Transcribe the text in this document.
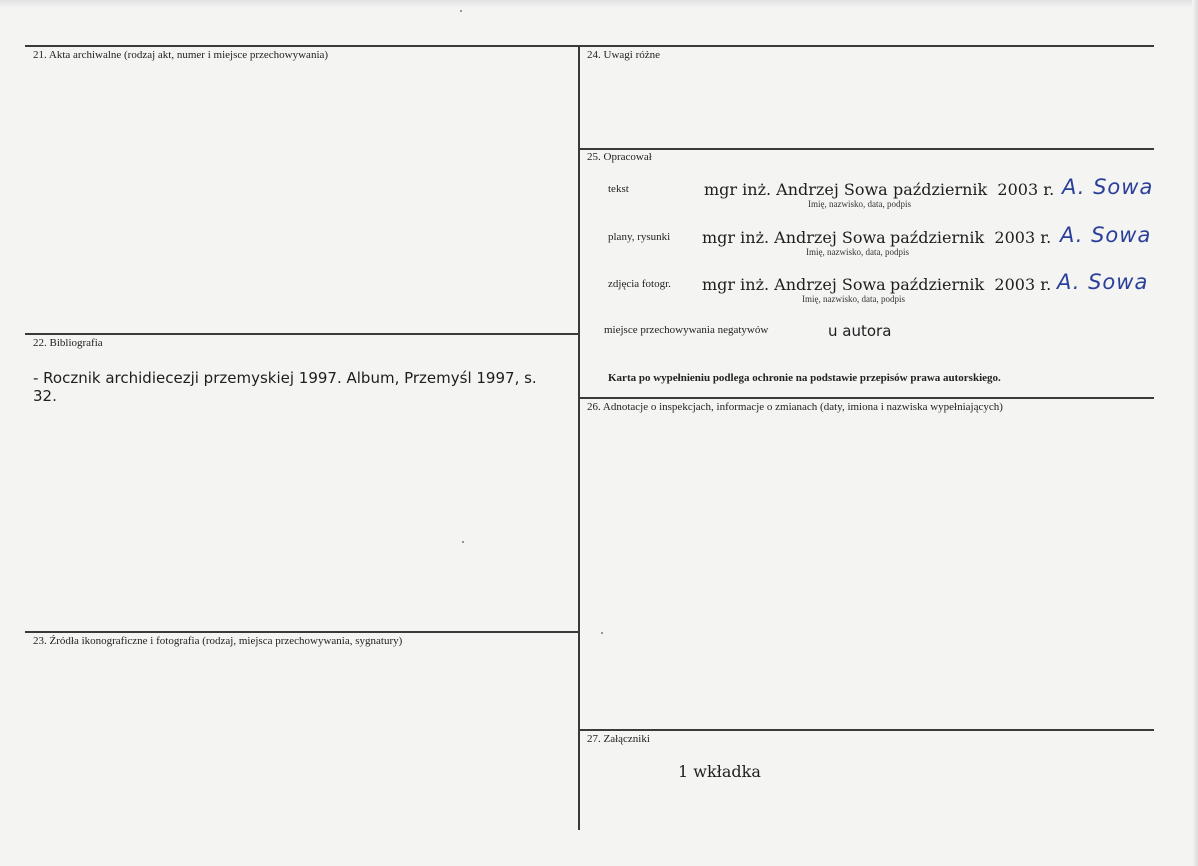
21. Akta archiwalne (rodzaj akt, numer i miejsce przechowywania)
22. Bibliografia
- Rocznik archidiecezji przemyskiej 1997. Album, Przemyśl 1997, s.
32.
23. Źródła ikonograficzne i fotografia (rodzaj, miejsca przechowywania, sygnatury)
24. Uwagi różne
25. Opracował
tekst	mgr inż. Andrzej Sowa październik  2003 r.
Imię, nazwisko, data, podpis
A. Sowa
plany, rysunki mgr inż. Andrzej Sowa październik  2003 r.
Imię, nazwisko, data, podpis
A. Sowa
zdjęcia fotogr. mgr inż. Andrzej Sowa październik  2003 r.
Imię, nazwisko, data, podpis
A. Sowa
miejsce przechowywania negatywów	u autora
Karta po wypełnieniu podlega ochronie na podstawie przepisów prawa autorskiego.
26. Adnotacje o inspekcjach, informacje o zmianach (daty, imiona i nazwiska wypełniających)
27. Załączniki
1 wkładka
